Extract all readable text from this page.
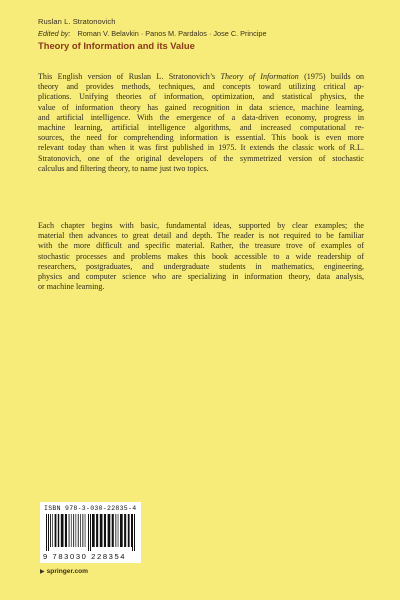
Ruslan L. Stratonovich
Edited by: Roman V. Belavkin · Panos M. Pardalos · Jose C. Principe
Theory of Information and its Value
This English version of Ruslan L. Stratonovich’s Theory of Information (1975) builds on
theory and provides methods, techniques, and concepts toward utilizing critical ap-
plications. Unifying theories of information, optimization, and statistical physics, the
value of information theory has gained recognition in data science, machine learning,
and artificial intelligence. With the emergence of a data-driven economy, progress in
machine learning, artificial intelligence algorithms, and increased computational re-
sources, the need for comprehending information is essential. This book is even more
relevant today than when it was first published in 1975. It extends the classic work of R.L.
Stratonovich, one of the original developers of the symmetrized version of stochastic
calculus and filtering theory, to name just two topics.
Each chapter begins with basic, fundamental ideas, supported by clear examples; the
material then advances to great detail and depth. The reader is not required to be familiar
with the more difficult and specific material. Rather, the treasure trove of examples of
stochastic processes and problems makes this book accessible to a wide readership of
researchers, postgraduates, and undergraduate students in mathematics, engineering,
physics and computer science who are specializing in information theory, data analysis,
or machine learning.
ISBN 978-3-030-22835-4
9 783030 228354
▶ springer.com
